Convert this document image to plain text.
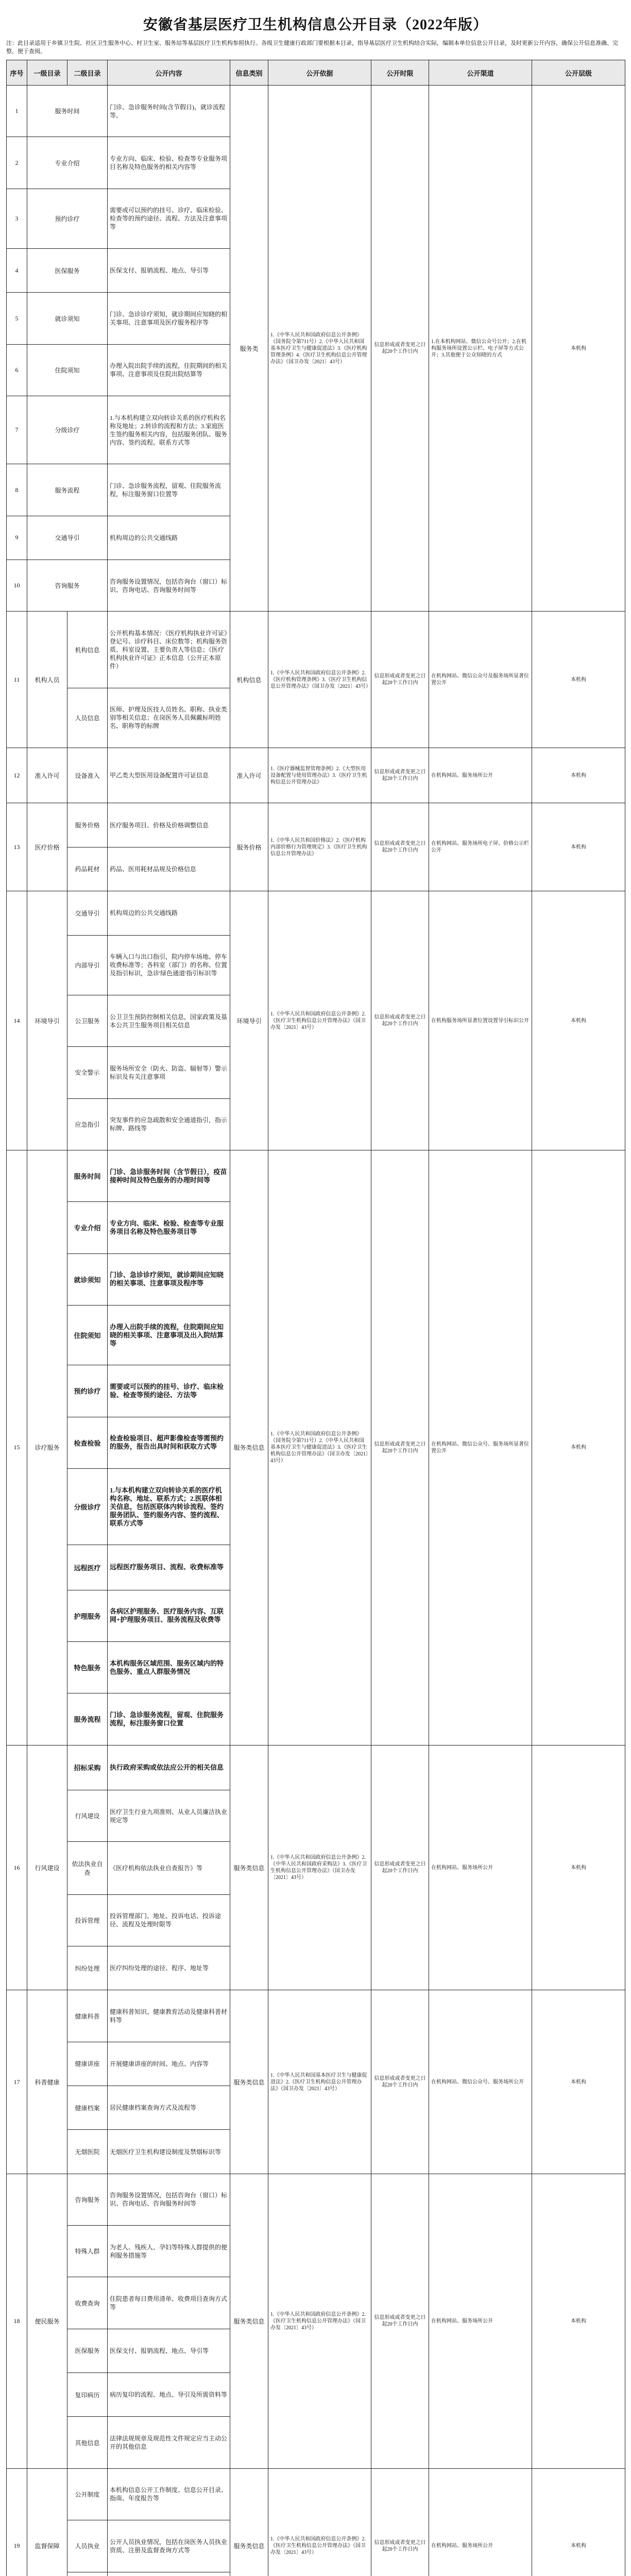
安徽省基层医疗卫生机构信息公开目录（2022年版）

注：此目录适用于乡镇卫生院、社区卫生服务中心、村卫生室、服务站等基层医疗卫生机构参照执行。各级卫生健康行政部门要根据本目录，指导基层医疗卫生机构结合实际，编制本单位信息公开目录，及时更新公开内容，确保公开信息准确、完整、便于查阅。

序号	一级目录	二级目录	公开内容	信息类别	公开依据	公开时限	公开渠道	公开层级
1	服务时间		门诊、急诊服务时间(含节假日)，就诊流程等。	服务类	1.《中华人民共和国政府信息公开条例》（国务院令第711号）2.《中华人民共和国基本医疗卫生与健康促进法》3.《医疗机构管理条例》4.《医疗卫生机构信息公开管理办法》（国卫办发〔2021〕43号）	信息形成或者变更之日起20个工作日内	1.在本机构网站、微信公众号公开；2.在机构服务场所设置公示栏、电子屏等方式公开；3.其他便于公众知晓的方式	本机构
2	专业介绍		专业方向、临床、检验、检查等专业服务项目名称及特色服务的相关内容等					
3	预约诊疗		需要或可以预约的挂号、诊疗、临床检验、检查等的预约途径、流程、方法及注意事项等					
4	医保服务		医保支付、报销流程、地点、导引等					
5	就诊须知		门诊、急诊诊疗须知，就诊期间应知晓的相关事项、注意事项及医疗服务程序等					
6	住院须知		办理入院出院手续的流程，住院期间的相关事项、注意事项及住院出院结算等					
7	分级诊疗		1.与本机构建立双向转诊关系的医疗机构名称及地址；2.转诊的流程和方法；3.家庭医生签约服务相关内容，包括服务团队、服务内容、签约流程、联系方式等					
8	服务流程		门诊、急诊服务流程，留观、住院服务流程，标注服务窗口位置等					
9	交通导引		机构周边的公共交通线路					
10	咨询服务		咨询服务设置情况，包括咨询台（窗口）标识、咨询电话、咨询服务时间等					
11	机构人员	机构信息	公开机构基本情况：《医疗机构执业许可证》登记号、诊疗科目、床位数等；机构服务资质、科室设置、主要负责人等信息；《医疗机构执业许可证》正本信息（公开正本原件）	机构信息	1.《中华人民共和国政府信息公开条例》2.《医疗机构管理条例》3.《医疗卫生机构信息公开管理办法》（国卫办发〔2021〕43号）	信息形成或者变更之日起20个工作日内	在机构网站、微信公众号及服务场所显著位置公开	本机构
		人员信息	医师、护理及医技人员姓名、职称、执业类别等相关信息；在岗医务人员佩戴标明姓名、职称等的标牌					
12	准入许可	设备准入	甲乙类大型医用设备配置许可证信息	准入许可	1.《医疗器械监督管理条例》2.《大型医用设备配置与使用管理办法》3.《医疗卫生机构信息公开管理办法》	信息形成或者变更之日起20个工作日内	在机构网站、服务场所公开	本机构
13	医疗价格	服务价格	医疗服务项目、价格及价格调整信息	服务价格	1.《中华人民共和国价格法》2.《医疗机构内部价格行为管理规定》3.《医疗卫生机构信息公开管理办法》	信息形成或者变更之日起20个工作日内	在机构网站、服务场所电子屏、价格公示栏公开	本机构
		药品耗材	药品、医用耗材品规及价格信息					
14	环境导引	交通导引	机构周边的公共交通线路	环境导引	1.《中华人民共和国政府信息公开条例》2.《医疗卫生机构信息公开管理办法》（国卫办发〔2021〕43号）	信息形成或者变更之日起20个工作日内	在机构服务场所显著位置设置导引标识公开	本机构
		内部导引	车辆入口与出口指引，院内停车场地、停车收费标准等；各科室（部门）的名称、位置及指引标识，急诊'绿色通道'指引标识等					
		公卫服务	公卫卫生预防控制相关信息，国家政策及基本公共卫生服务项目相关信息					
		安全警示	服务场所安全（防火、防盗、辐射等）警示标识及有关注意事项					
		应急指引	突发事件的应急疏散和安全通道指引，指示标牌、路线等					
15	诊疗服务	服务时间	门诊、急诊服务时间（含节假日），疫苗接种时间及特色服务的办理时间等	服务类信息	1.《中华人民共和国政府信息公开条例》（国务院令第711号）2.《中华人民共和国基本医疗卫生与健康促进法》3.《医疗卫生机构信息公开管理办法》（国卫办发〔2021〕43号）	信息形成或者变更之日起20个工作日内	在机构网站、微信公众号、服务场所显著位置公开	本机构
		专业介绍	专业方向、临床、检验、检查等专业服务项目名称及特色服务项目等					
		就诊须知	门诊、急诊诊疗须知，就诊期间应知晓的相关事项、注意事项及程序等					
		住院须知	办理入出院手续的流程，住院期间应知晓的相关事项、注意事项及出入院结算等					
		预约诊疗	需要或可以预约的挂号、诊疗、临床检验、检查等预约途径、方法等					
		检查检验	检查检验项目、超声影像检查等需预约的服务，报告出具时间和获取方式等					
		分级诊疗	1.与本机构建立双向转诊关系的医疗机构名称、地址、联系方式；2.医联体相关信息，包括医联体内转诊流程、签约服务团队、签约服务内容、签约流程、联系方式等					
		远程医疗	远程医疗服务项目、流程、收费标准等					
		护理服务	各病区护理服务、医疗服务内容、互联网+护理服务项目、服务流程及收费等					
		特色服务	本机构服务区域范围、服务区域内的特色服务、重点人群服务情况					
		服务流程	门诊、急诊服务流程，留观、住院服务流程，标注服务窗口位置					
16	行风建设	招标采购	执行政府采购或依法应公开的相关信息	服务类信息	1.《中华人民共和国政府信息公开条例》2.《中华人民共和国政府采购法》3.《医疗卫生机构信息公开管理办法》（国卫办发〔2021〕43号）	信息形成或者变更之日起20个工作日内	在机构网站、服务场所公开	本机构
		行风建设	医疗卫生行业九项准则、从业人员廉洁执业规定等					
		依法执业自查	《医疗机构依法执业自查报告》等					
		投诉管理	投诉管理部门、地址、投诉电话、投诉途径、流程及处理时限等					
		纠纷处理	医疗纠纷处理的途径、程序、地址等					
17	科普健康	健康科普	健康科普知识、健康教育活动及健康科普材料等	服务类信息	1.《中华人民共和国基本医疗卫生与健康促进法》2.《医疗卫生机构信息公开管理办法》（国卫办发〔2021〕43号）	信息形成或者变更之日起20个工作日内	在机构网站、微信公众号、服务场所公开	本机构
		健康讲座	开展健康讲座的时间、地点、内容等					
		健康档案	居民健康档案查询方式及流程等					
		无烟医院	无烟医疗卫生机构建设制度及禁烟标识等					
18	便民服务	咨询服务	咨询服务设置情况，包括咨询台（窗口）标识、咨询电话、咨询服务时间等	服务类信息	1.《中华人民共和国政府信息公开条例》2.《医疗卫生机构信息公开管理办法》（国卫办发〔2021〕43号）	信息形成或者变更之日起20个工作日内	在机构网站、服务场所公开	本机构
		特殊人群	为老人、残疾人、孕妇等特殊人群提供的便利服务措施等					
		收费查询	住院患者每日费用清单、收费项目查询方式等					
		医保服务	医保支付、报销流程、地点、导引等					
		复印病历	病历复印的流程、地点、导引及所需资料等					
		其他信息	法律法规规章及规范性文件规定应当主动公开的其他信息					
19	监督保障	公开制度	本机构信息公开工作制度、信息公开目录、指南、年度报告等	服务类信息	1.《中华人民共和国政府信息公开条例》2.《医疗卫生机构信息公开管理办法》（国卫办发〔2021〕43号）	信息形成或者变更之日起20个工作日内	在机构网站、服务场所公开	本机构
		人员执业	公开人员执业情况，包括在岗医务人员执业资质、注册及监督查询方式等					
